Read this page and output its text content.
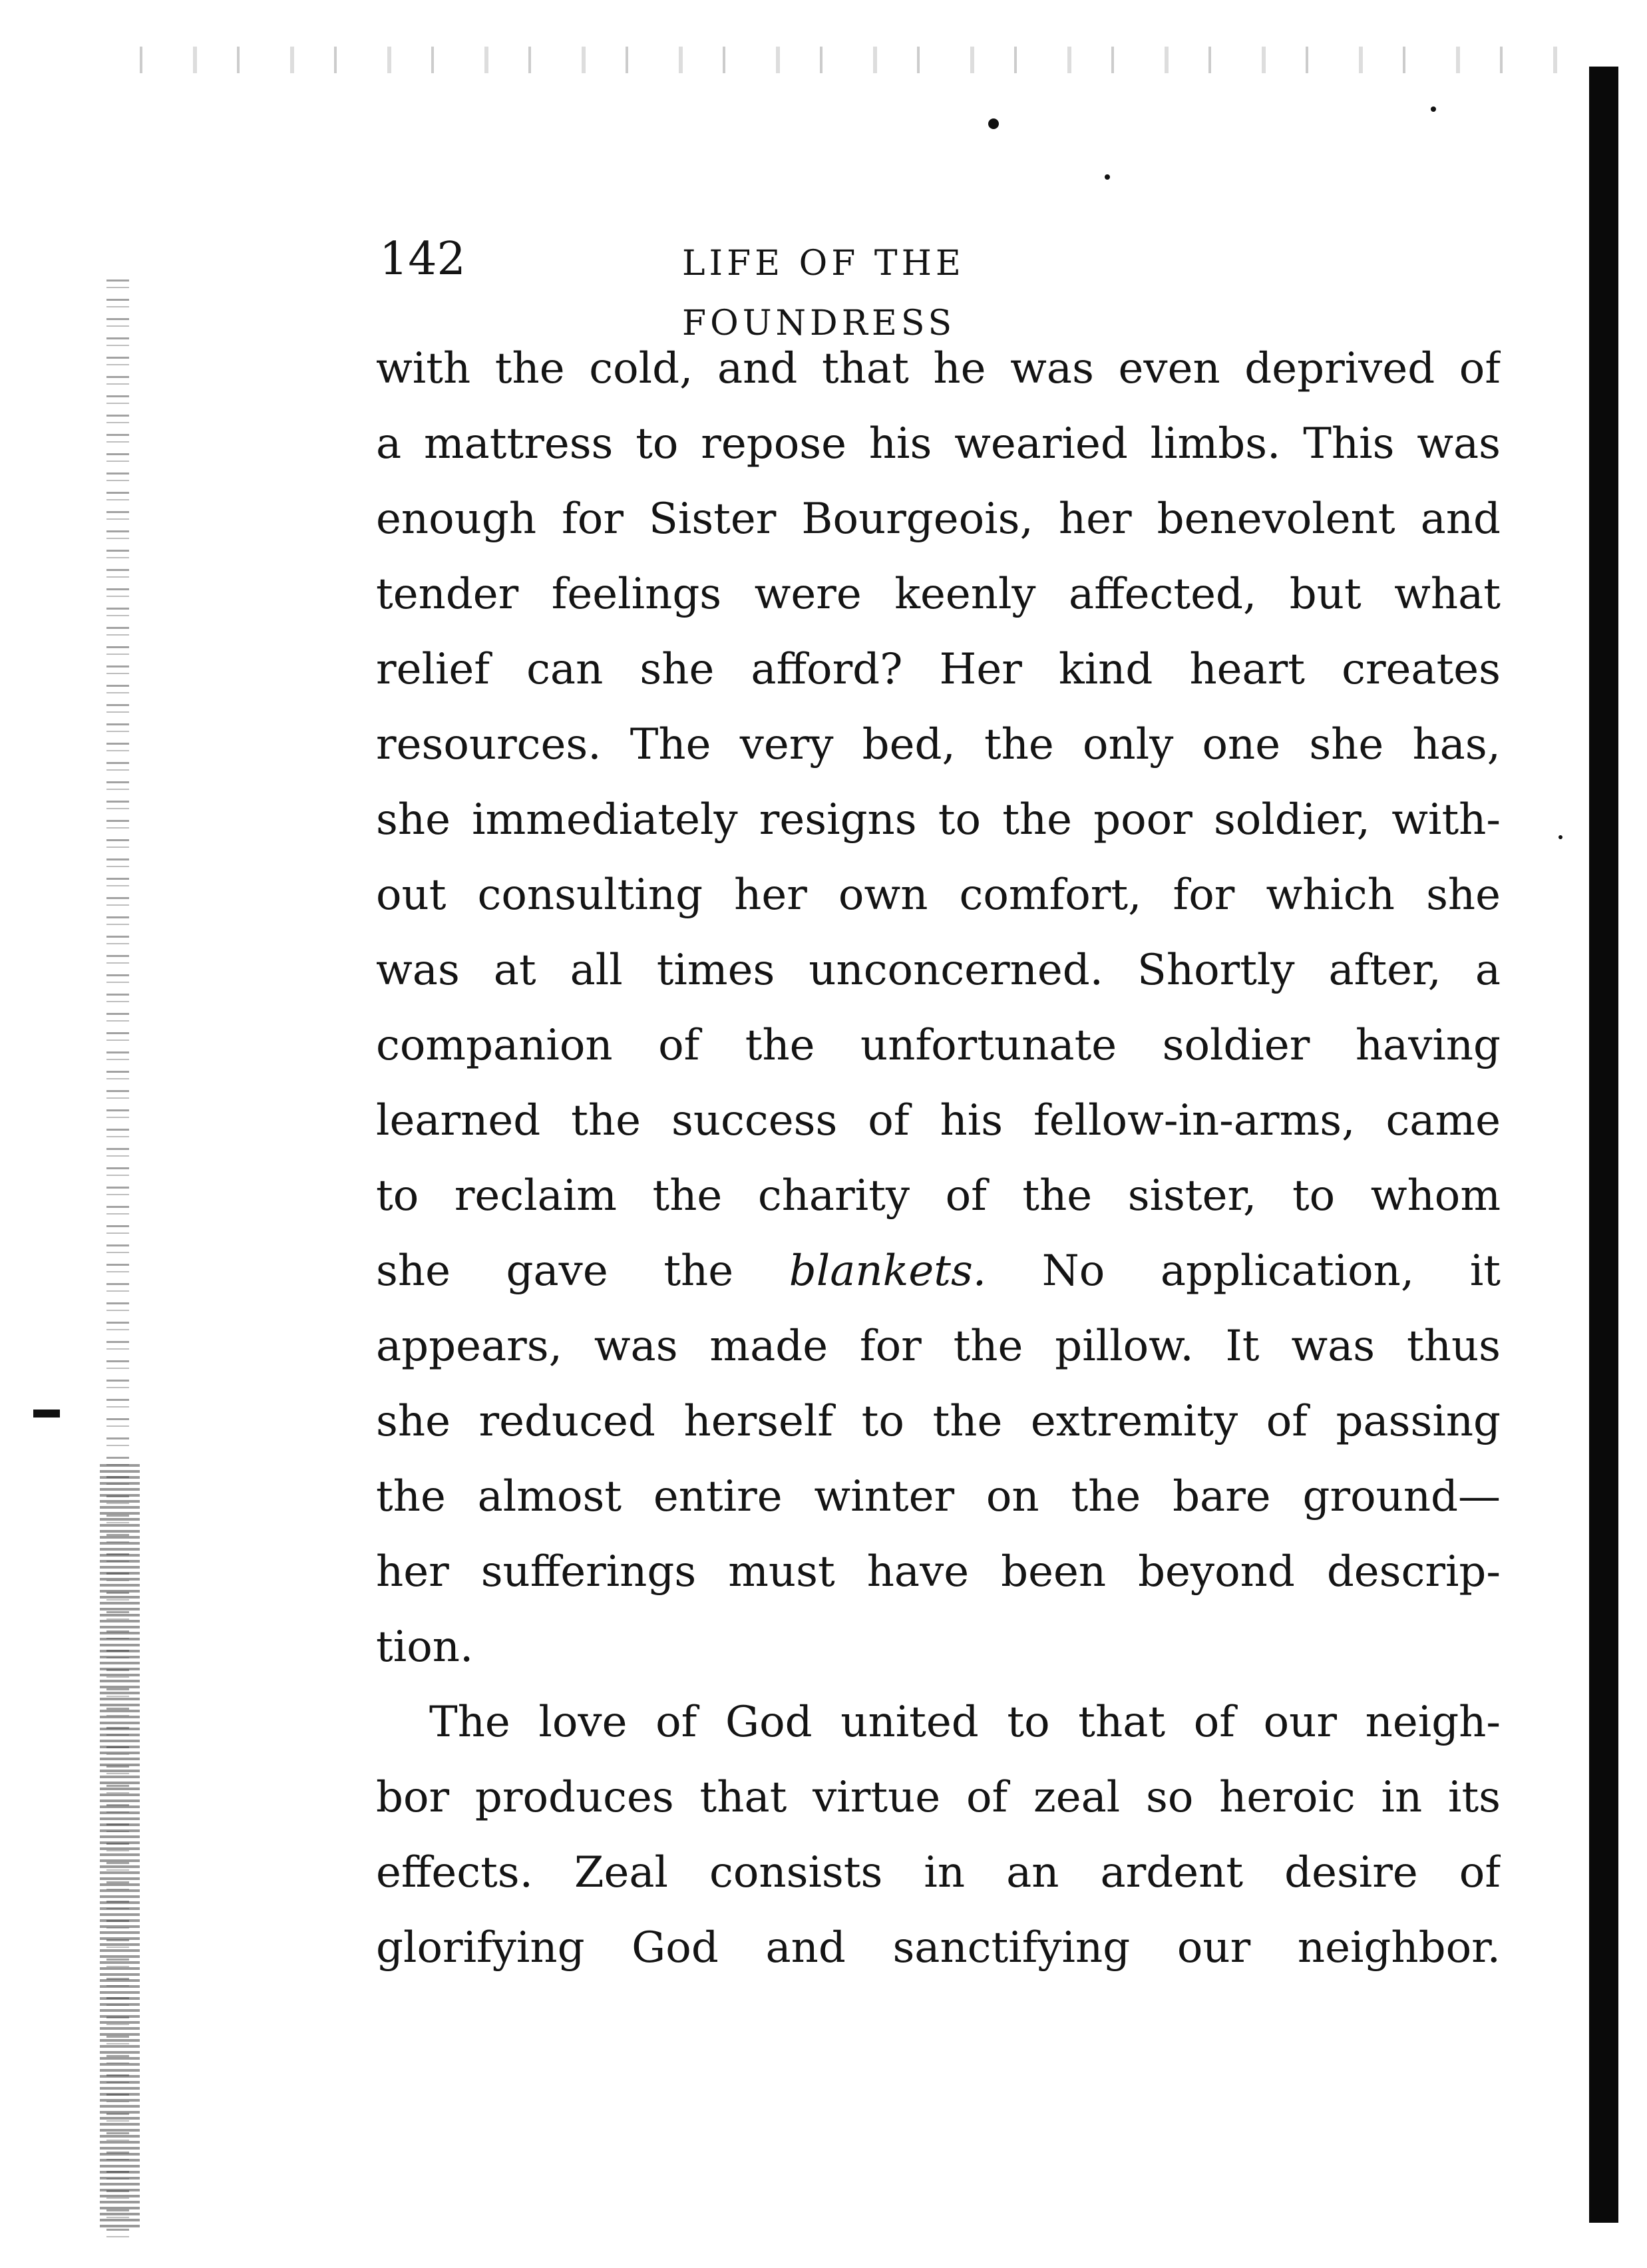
142	LIFE OF THE FOUNDRESS
with the cold, and that he was even deprived of
a mattress to repose his wearied limbs. This was
enough for Sister Bourgeois, her benevolent and
tender feelings were keenly affected, but what
relief can she afford? Her kind heart creates
resources. The very bed, the only one she has,
she immediately resigns to the poor soldier, with-
out consulting her own comfort, for which she
was at all times unconcerned. Shortly after, a
companion of the unfortunate soldier having
learned the success of his fellow-in-arms, came
to reclaim the charity of the sister, to whom
she gave the blankets. No application, it
appears, was made for the pillow. It was thus
she reduced herself to the extremity of passing
the almost entire winter on the bare ground—
her sufferings must have been beyond descrip-
tion.
The love of God united to that of our neigh-
bor produces that virtue of zeal so heroic in its
effects. Zeal consists in an ardent desire of
glorifying God and sanctifying our neighbor.
